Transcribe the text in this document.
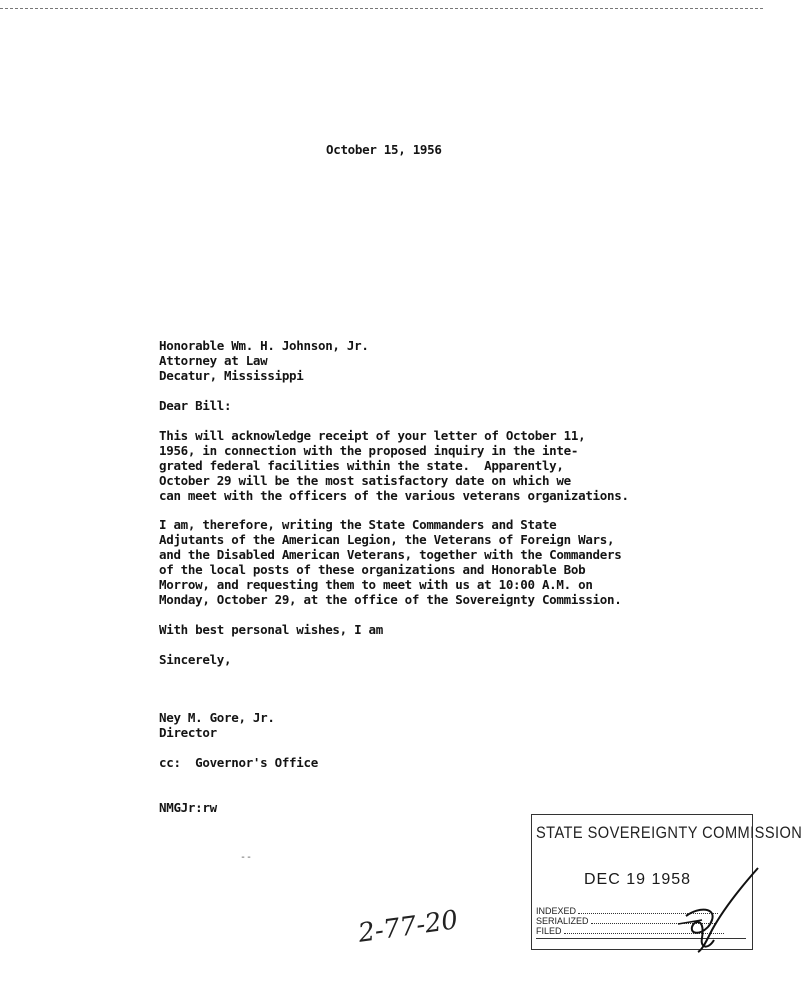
October 15, 1956
Honorable Wm. H. Johnson, Jr.
Attorney at Law
Decatur, Mississippi
Dear Bill:
This will acknowledge receipt of your letter of October 11,
1956, in connection with the proposed inquiry in the inte-
grated federal facilities within the state.  Apparently,
October 29 will be the most satisfactory date on which we
can meet with the officers of the various veterans organizations.
I am, therefore, writing the State Commanders and State
Adjutants of the American Legion, the Veterans of Foreign Wars,
and the Disabled American Veterans, together with the Commanders
of the local posts of these organizations and Honorable Bob
Morrow, and requesting them to meet with us at 10:00 A.M. on
Monday, October 29, at the office of the Sovereignty Commission.
With best personal wishes, I am
Sincerely,
Ney M. Gore, Jr.
Director
cc:  Governor's Office
NMGJr:rw
--
2-77-20
STATE SOVEREIGNTY COMMISSION
DEC 19 1958
INDEXED
SERIALIZED
FILED
